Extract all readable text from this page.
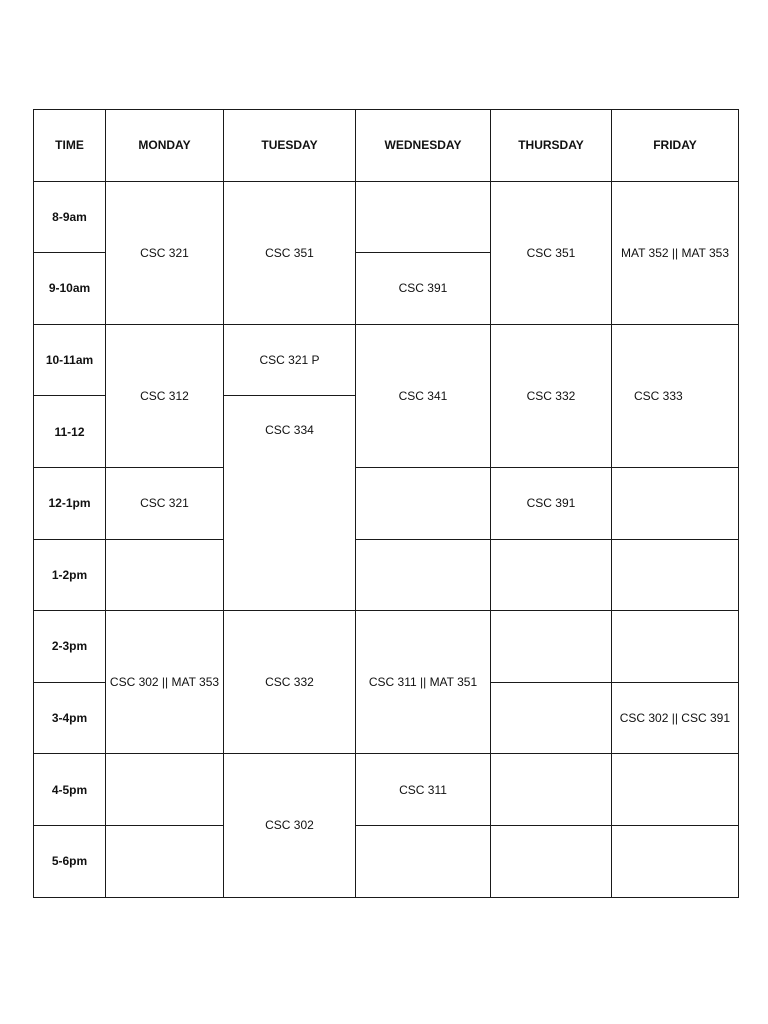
TIME	MONDAY	TUESDAY	WEDNESDAY	THURSDAY	FRIDAY
8-9am	CSC 321	CSC 351		CSC 351	MAT 352 || MAT 353
9-10am			CSC 391		
10-11am	CSC 312	CSC 321 P	CSC 341	CSC 332	CSC 333
11-12		CSC 334			
12-1pm	CSC 321			CSC 391	
1-2pm					
2-3pm	CSC 302 || MAT 353	CSC 332	CSC 311 || MAT 351		
3-4pm					CSC 302 || CSC 391
4-5pm		CSC 302	CSC 311		
5-6pm					
